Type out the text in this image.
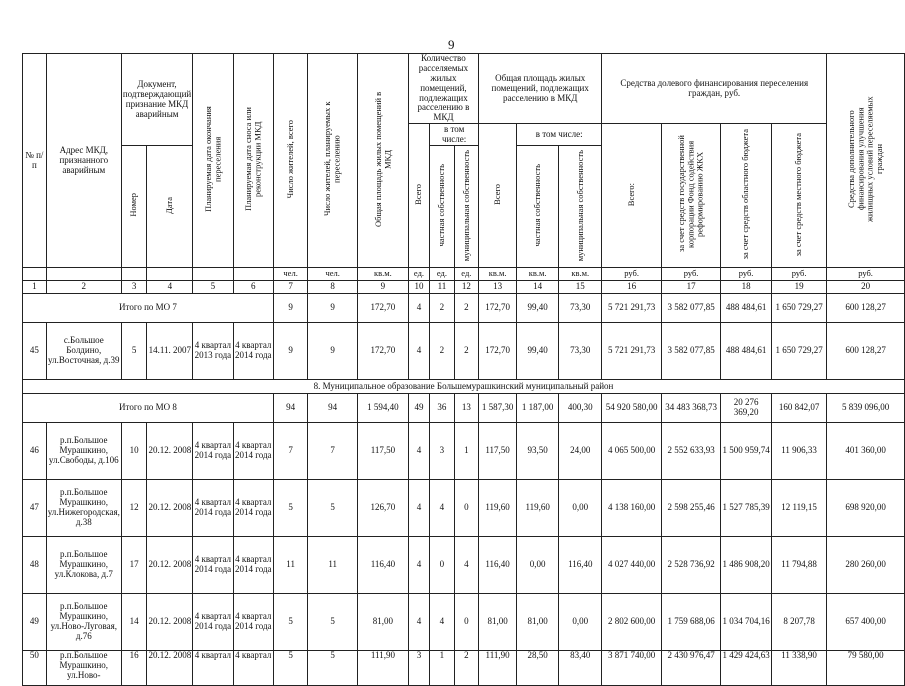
9
№ п/п	Адрес МКД, признанного аварийным	Документ, подтверждающий признание МКД аварийным		Планируемая дата окончания переселения	Планируемая дата сноса или реконструкции МКД	Число жителей, всего	Число жителей, планируемых к переселению	Общая площадь жилых помещений в МКД	Количество расселяемых жилых помещений, подлежащих расселению в МКД			Общая площадь жилых помещений, подлежащих расселению в МКД			Средства долевого финансирования переселения граждан, руб.				Средства дополнительного финансирования улучшения жилищных условий переселяемых граждан
									Всего	в том числе:		Всего	в том числе:		Всего:	за счет средств государственной корпорации Фонд содействия реформированию ЖКХ	за счет средств областного бюджета	за счет средств местного бюджета	
		Номер	Дата							частная собственность	муниципальная собственность		частная собственность	муниципальная собственность					
						чел.	чел.	кв.м.	ед.	ед.	ед.	кв.м.	кв.м.	кв.м.	руб.	руб.	руб.	руб.	руб.
1	2	3	4	5	6	7	8	9	10	11	12	13	14	15	16	17	18	19	20
Итого по МО 7						9	9	172,70	4	2	2	172,70	99,40	73,30	5 721 291,73	3 582 077,85	488 484,61	1 650 729,27	600 128,27
45	с.Большое Болдино, ул.Восточная, д.39	5	14.11. 2007	4 квартал 2013 года	4 квартал 2014 года	9	9	172,70	4	2	2	172,70	99,40	73,30	5 721 291,73	3 582 077,85	488 484,61	1 650 729,27	600 128,27
8. Муниципальное образование Большемурашкинский муниципальный район																			
Итого по МО 8						94	94	1 594,40	49	36	13	1 587,30	1 187,00	400,30	54 920 580,00	34 483 368,73	20 276 369,20	160 842,07	5 839 096,00
46	р.п.Большое Мурашкино, ул.Свободы, д.106	10	20.12. 2008	4 квартал 2014 года	4 квартал 2014 года	7	7	117,50	4	3	1	117,50	93,50	24,00	4 065 500,00	2 552 633,93	1 500 959,74	11 906,33	401 360,00
47	р.п.Большое Мурашкино, ул.Нижегородская, д.38	12	20.12. 2008	4 квартал 2014 года	4 квартал 2014 года	5	5	126,70	4	4	0	119,60	119,60	0,00	4 138 160,00	2 598 255,46	1 527 785,39	12 119,15	698 920,00
48	р.п.Большое Мурашкино, ул.Клокова, д.7	17	20.12. 2008	4 квартал 2014 года	4 квартал 2014 года	11	11	116,40	4	0	4	116,40	0,00	116,40	4 027 440,00	2 528 736,92	1 486 908,20	11 794,88	280 260,00
49	р.п.Большое Мурашкино, ул.Ново-Луговая, д.76	14	20.12. 2008	4 квартал 2014 года	4 квартал 2014 года	5	5	81,00	4	4	0	81,00	81,00	0,00	2 802 600,00	1 759 688,06	1 034 704,16	8 207,78	657 400,00
50	р.п.Большое Мурашкино, ул.Ново-	16	20.12. 2008	4 квартал	4 квартал	5	5	111,90	3	1	2	111,90	28,50	83,40	3 871 740,00	2 430 976,47	1 429 424,63	11 338,90	79 580,00
